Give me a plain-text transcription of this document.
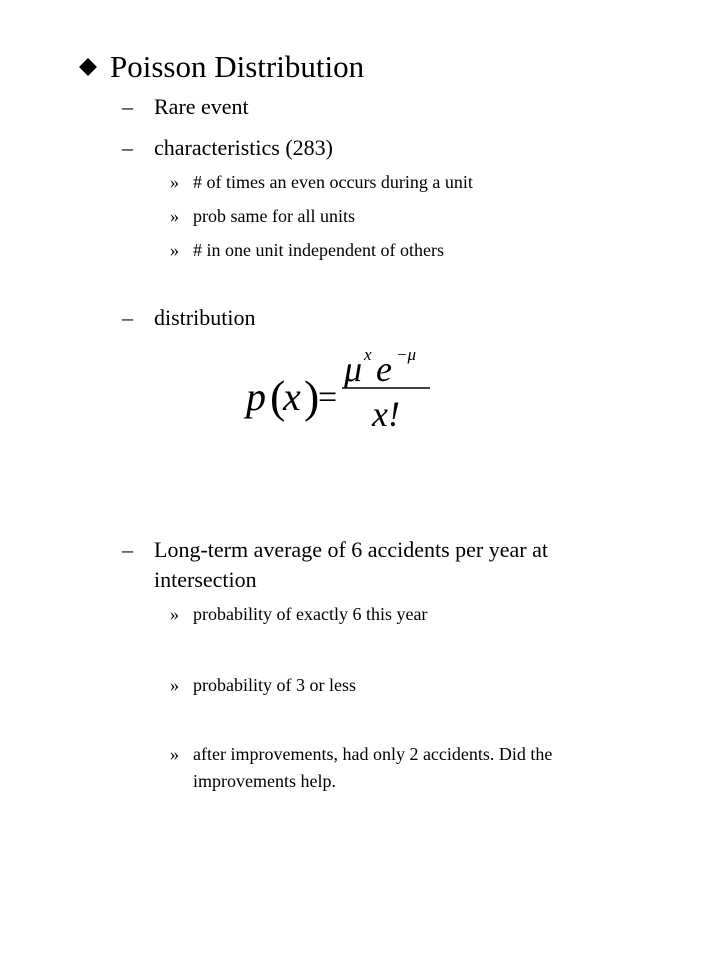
Poisson Distribution
– Rare event
– characteristics (283)
» # of times an even occurs during a unit
» prob same for all units
» # in one unit independent of others
– distribution
p (
x )
=
μ x e −μ
x!
– Long-term average of 6 accidents per year at
intersection
» probability of exactly 6 this year
» probability of 3 or less
» after improvements, had only 2 accidents. Did the
improvements help.
